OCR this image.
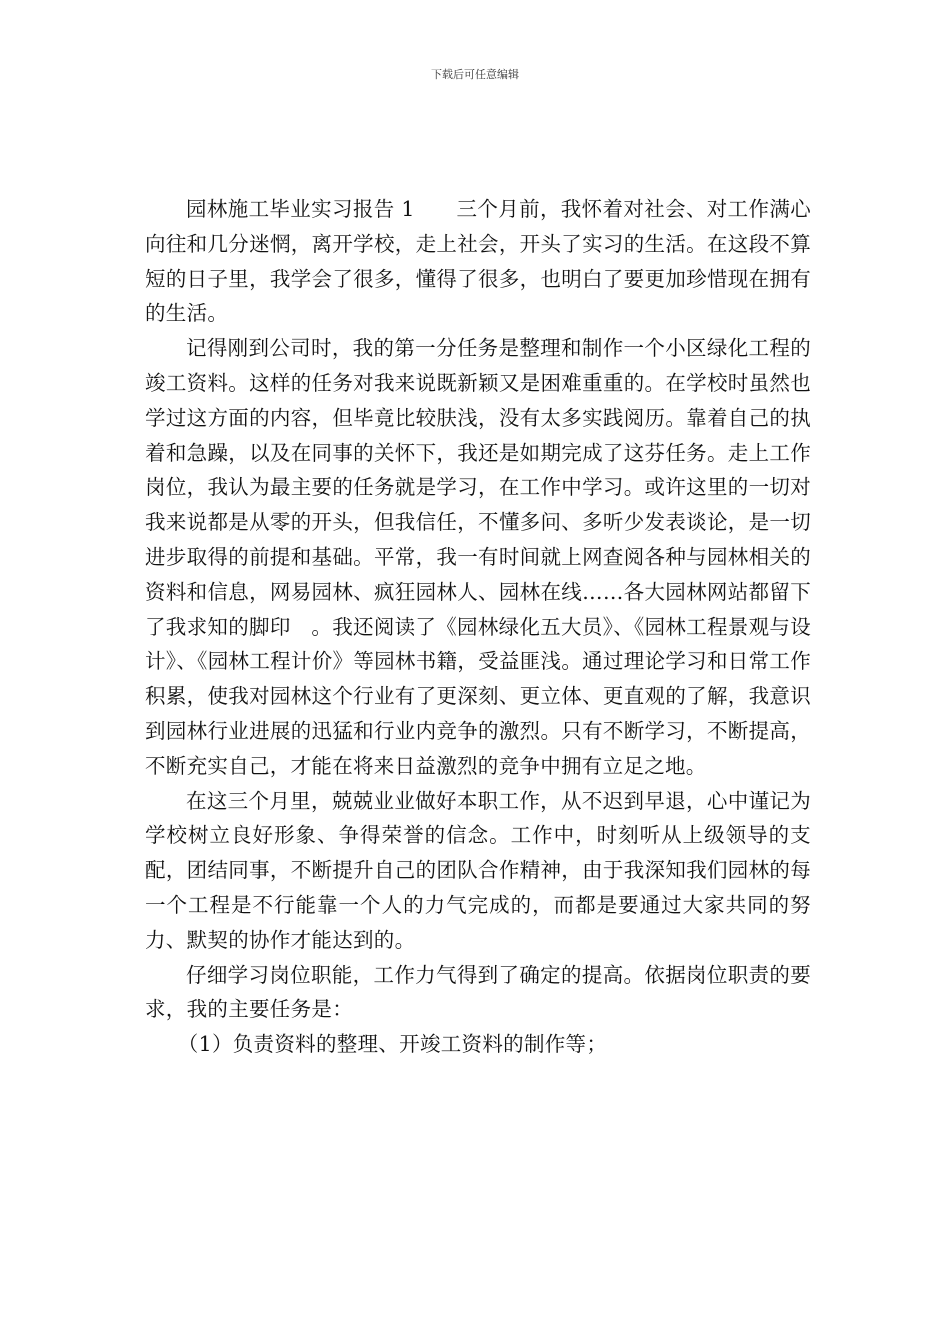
下载后可任意编辑

园林施工毕业实习报告 1　　三个月前，我怀着对社会、对工作满心向往和几分迷惘，离开学校，走上社会，开头了实习的生活。在这段不算短的日子里，我学会了很多，懂得了很多，也明白了要更加珍惜现在拥有的生活。

记得刚到公司时，我的第一分任务是整理和制作一个小区绿化工程的竣工资料。这样的任务对我来说既新颖又是困难重重的。在学校时虽然也学过这方面的内容，但毕竟比较肤浅，没有太多实践阅历。靠着自己的执着和急躁，以及在同事的关怀下，我还是如期完成了这芬任务。走上工作岗位，我认为最主要的任务就是学习，在工作中学习。或许这里的一切对我来说都是从零的开头，但我信任，不懂多问、多听少发表谈论，是一切进步取得的前提和基础。平常，我一有时间就上网查阅各种与园林相关的资料和信息，网易园林、疯狂园林人、园林在线……各大园林网站都留下了我求知的脚印　。我还阅读了《园林绿化五大员》、《园林工程景观与设计》、《园林工程计价》等园林书籍，受益匪浅。通过理论学习和日常工作积累，使我对园林这个行业有了更深刻、更立体、更直观的了解，我意识到园林行业进展的迅猛和行业内竞争的激烈。只有不断学习，不断提高，不断充实自己，才能在将来日益激烈的竞争中拥有立足之地。

在这三个月里，兢兢业业做好本职工作，从不迟到早退，心中谨记为学校树立良好形象、争得荣誉的信念。工作中，时刻听从上级领导的支配，团结同事，不断提升自己的团队合作精神，由于我深知我们园林的每一个工程是不行能靠一个人的力气完成的，而都是要通过大家共同的努力、默契的协作才能达到的。

仔细学习岗位职能，工作力气得到了确定的提高。依据岗位职责的要求，我的主要任务是：

（1）负责资料的整理、开竣工资料的制作等；
